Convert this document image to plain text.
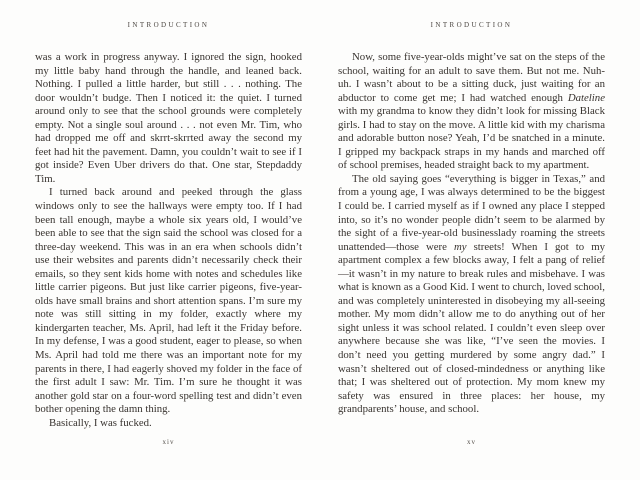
INTRODUCTION

was a work in progress anyway. I ignored the sign, hooked my little baby hand through the handle, and leaned back. Nothing. I pulled a little harder, but still . . . nothing. The door wouldn’t budge. Then I noticed it: the quiet. I turned around only to see that the school grounds were completely empty. Not a single soul around . . . not even Mr. Tim, who had dropped me off and skrrt-skrrted away the second my feet had hit the pavement. Damn, you couldn’t wait to see if I got inside? Even Uber drivers do that. One star, Stepdaddy Tim.

I turned back around and peeked through the glass windows only to see the hallways were empty too. If I had been tall enough, maybe a whole six years old, I would’ve been able to see that the sign said the school was closed for a three-day weekend. This was in an era when schools didn’t use their websites and parents didn’t necessarily check their emails, so they sent kids home with notes and schedules like little carrier pigeons. But just like carrier pigeons, five-year-olds have small brains and short attention spans. I’m sure my note was still sitting in my folder, exactly where my kindergarten teacher, Ms. April, had left it the Friday before. In my defense, I was a good student, eager to please, so when Ms. April had told me there was an important note for my parents in there, I had eagerly shoved my folder in the face of the first adult I saw: Mr. Tim. I’m sure he thought it was another gold star on a four-word spelling test and didn’t even bother opening the damn thing.

Basically, I was fucked.

xiv
INTRODUCTION

Now, some five-year-olds might’ve sat on the steps of the school, waiting for an adult to save them. But not me. Nuh-uh. I wasn’t about to be a sitting duck, just waiting for an abductor to come get me; I had watched enough Dateline with my grandma to know they didn’t look for missing Black girls. I had to stay on the move. A little kid with my charisma and adorable button nose? Yeah, I’d be snatched in a minute. I gripped my backpack straps in my hands and marched off of school premises, headed straight back to my apartment.

The old saying goes “everything is bigger in Texas,” and from a young age, I was always determined to be the biggest I could be. I carried myself as if I owned any place I stepped into, so it’s no wonder people didn’t seem to be alarmed by the sight of a five-year-old businesslady roaming the streets unattended—those were my streets! When I got to my apartment complex a few blocks away, I felt a pang of relief—it wasn’t in my nature to break rules and misbehave. I was what is known as a Good Kid. I went to church, loved school, and was completely uninterested in disobeying my all-seeing mother. My mom didn’t allow me to do anything out of her sight unless it was school related. I couldn’t even sleep over anywhere because she was like, “I’ve seen the movies. I don’t need you getting murdered by some angry dad.” I wasn’t sheltered out of closed-mindedness or anything like that; I was sheltered out of protection. My mom knew my safety was ensured in three places: her house, my grandparents’ house, and school.

xv
